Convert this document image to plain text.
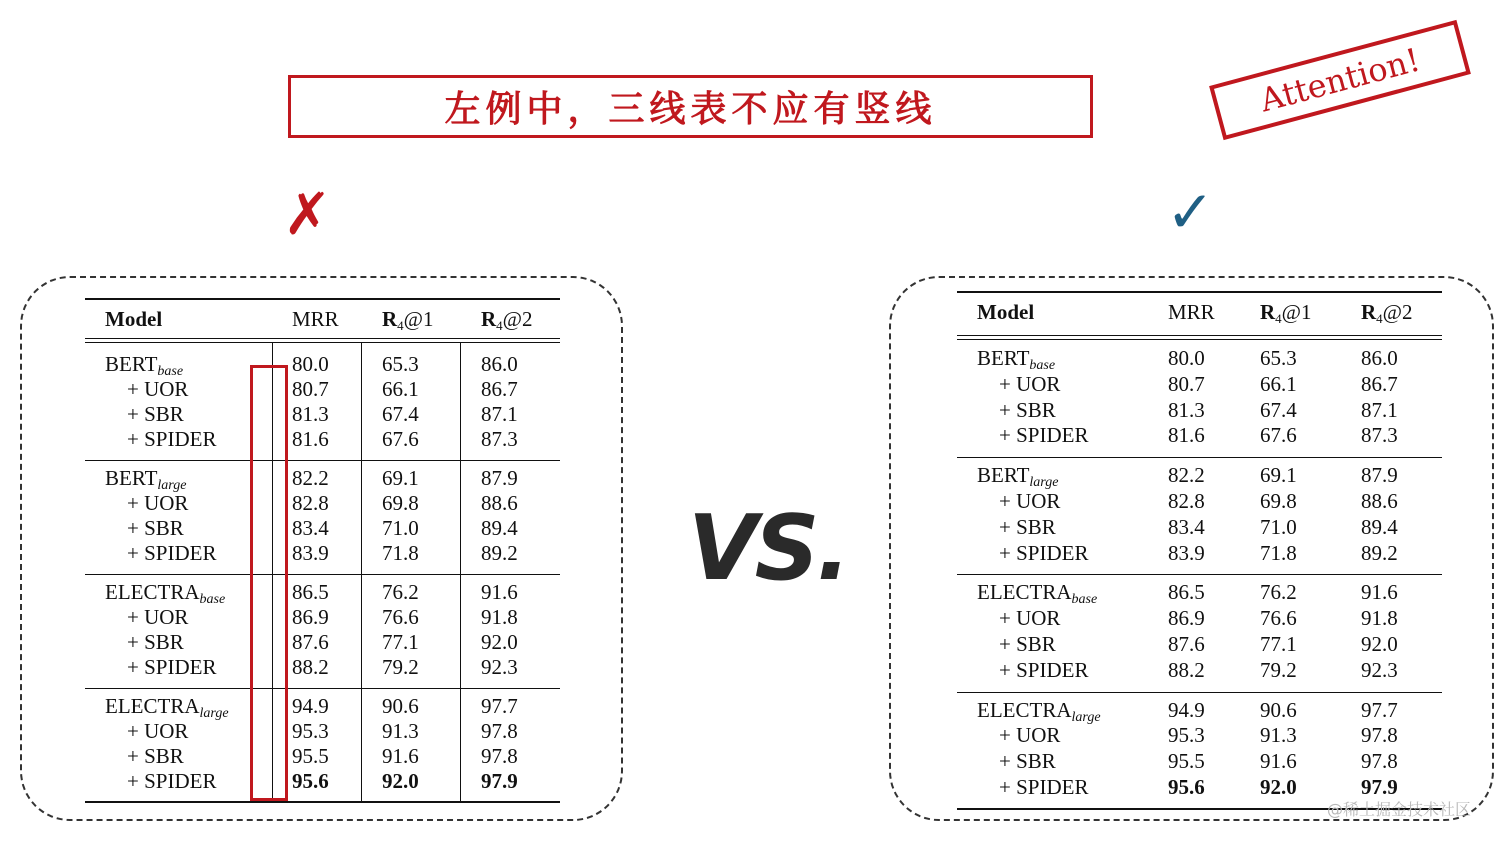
左例中，三线表不应有竖线	Attention!
✗	✓
VS.
Model	MRR $R_4@1$ $R_4@2$
$BERT_{base}$	80.0	65.3	86.0
+ UOR	80.7	66.1	86.7
+ SBR	81.3	67.4	87.1
+ SPIDER	81.6	67.6	87.3
$BERT_{large}$	82.2	69.1	87.9
+ UOR	82.8	69.8	88.6
+ SBR	83.4	71.0	89.4
+ SPIDER	83.9	71.8	89.2
$ELECTRA_{base}$	86.5	76.2	91.6
+ UOR	86.9	76.6	91.8
+ SBR	87.6	77.1	92.0
+ SPIDER	88.2	79.2	92.3
$ELECTRA_{large}$	94.9	90.6	97.7
+ UOR	95.3	91.3	97.8
+ SBR	95.5	91.6	97.8
+ SPIDER	95.6	92.0	97.9
Model	MRR $R_4@1$ $R_4@2$
$BERT_{base}$	80.0	65.3	86.0
+ UOR	80.7	66.1	86.7
+ SBR	81.3	67.4	87.1
+ SPIDER	81.6	67.6	87.3
$BERT_{large}$	82.2	69.1	87.9
+ UOR	82.8	69.8	88.6
+ SBR	83.4	71.0	89.4
+ SPIDER	83.9	71.8	89.2
$ELECTRA_{base}$	86.5	76.2	91.6
+ UOR	86.9	76.6	91.8
+ SBR	87.6	77.1	92.0
+ SPIDER	88.2	79.2	92.3
$ELECTRA_{large}$	94.9	90.6	97.7
+ UOR	95.3	91.3	97.8
+ SBR	95.5	91.6	97.8
+ SPIDER	95.6	92.0	97.9
@稀土掘金技术社区
